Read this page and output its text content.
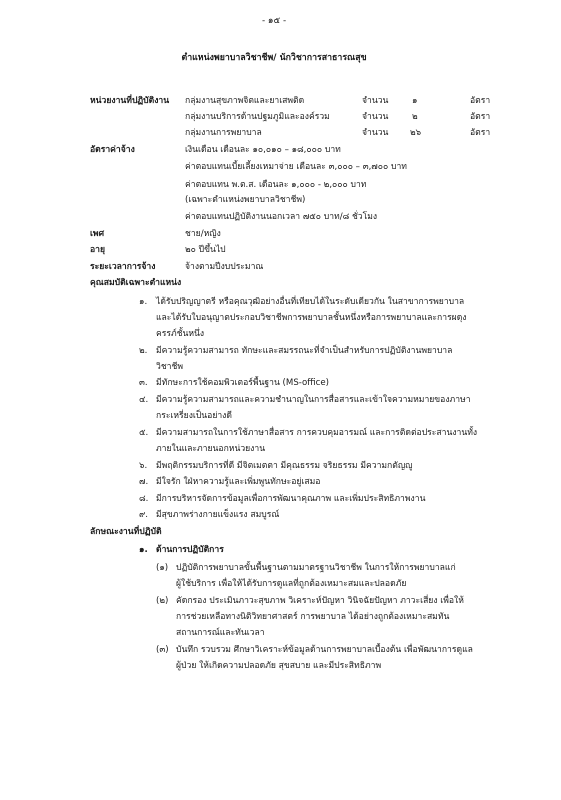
- ๑๕ -
ตำแหน่งพยาบาลวิชาชีพ/ นักวิชาการสาธารณสุข
หน่วยงานที่ปฏิบัติงาน กลุ่มงานสุขภาพจิตและยาเสพติด	จำนวน	๑	อัตรา
กลุ่มงานบริการด้านปฐมภูมิและองค์รวม	จำนวน	๒	อัตรา
กลุ่มงานการพยาบาล	จำนวน	๒๖	อัตรา
อัตราค่าจ้าง	เงินเดือน เดือนละ ๑๐,๐๑๐ – ๑๘,๐๐๐ บาท
ค่าตอบแทนเบี้ยเลี้ยงเหมาจ่าย เดือนละ ๓,๐๐๐ – ๓,๗๐๐ บาท
ค่าตอบแทน พ.ต.ส. เดือนละ ๑,๐๐๐ - ๒,๐๐๐ บาท
(เฉพาะตำแหน่งพยาบาลวิชาชีพ)
ค่าตอบแทนปฏิบัติงานนอกเวลา ๗๕๐ บาท/๘ ชั่วโมง
เพศ	ชาย/หญิง
อายุ	๒๐ ปีขึ้นไป
ระยะเวลาการจ้าง	จ้างตามปีงบประมาณ
คุณสมบัติเฉพาะตำแหน่ง
๑. ได้รับปริญญาตรี หรือคุณวุฒิอย่างอื่นที่เทียบได้ในระดับเดียวกัน ในสาขาการพยาบาล
และได้รับใบอนุญาตประกอบวิชาชีพการพยาบาลชั้นหนึ่งหรือการพยาบาลและการผดุง
ครรภ์ชั้นหนึ่ง
๒. มีความรู้ความสามารถ ทักษะและสมรรถนะที่จำเป็นสำหรับการปฏิบัติงานพยาบาล
วิชาชีพ
๓. มีทักษะการใช้คอมพิวเตอร์พื้นฐาน (MS-office)
๔. มีความรู้ความสามารถและความชำนาญในการสื่อสารและเข้าใจความหมายของภาษา
กระเหรี่ยงเป็นอย่างดี
๕. มีความสามารถในการใช้ภาษาสื่อสาร การควบคุมอารมณ์ และการติดต่อประสานงานทั้ง
ภายในและภายนอกหน่วยงาน
๖. มีพฤติกรรมบริการที่ดี มีจิตเมตตา มีคุณธรรม จริยธรรม มีความกตัญญู
๗. มีใจรัก ใฝ่หาความรู้และเพิ่มพูนทักษะอยู่เสมอ
๘. มีการบริหารจัดการข้อมูลเพื่อการพัฒนาคุณภาพ และเพิ่มประสิทธิภาพงาน
๙. มีสุขภาพร่างกายแข็งแรง สมบูรณ์
ลักษณะงานที่ปฏิบัติ
๑. ด้านการปฏิบัติการ
(๑) ปฏิบัติการพยาบาลขั้นพื้นฐานตามมาตรฐานวิชาชีพ ในการให้การพยาบาลแก่
ผู้ใช้บริการ เพื่อให้ได้รับการดูแลที่ถูกต้องเหมาะสมและปลอดภัย
(๒) คัดกรอง ประเมินภาวะสุขภาพ วิเคราะห์ปัญหา วินิจฉัยปัญหา ภาวะเสี่ยง เพื่อให้
การช่วยเหลือทางนิติวิทยาศาสตร์ การพยาบาล ได้อย่างถูกต้องเหมาะสมทัน
สถานการณ์และทันเวลา
(๓) บันทึก รวบรวม ศึกษาวิเคราะห์ข้อมูลด้านการพยาบาลเบื้องต้น เพื่อพัฒนาการดูแล
ผู้ป่วย ให้เกิดความปลอดภัย สุขสบาย และมีประสิทธิภาพ
